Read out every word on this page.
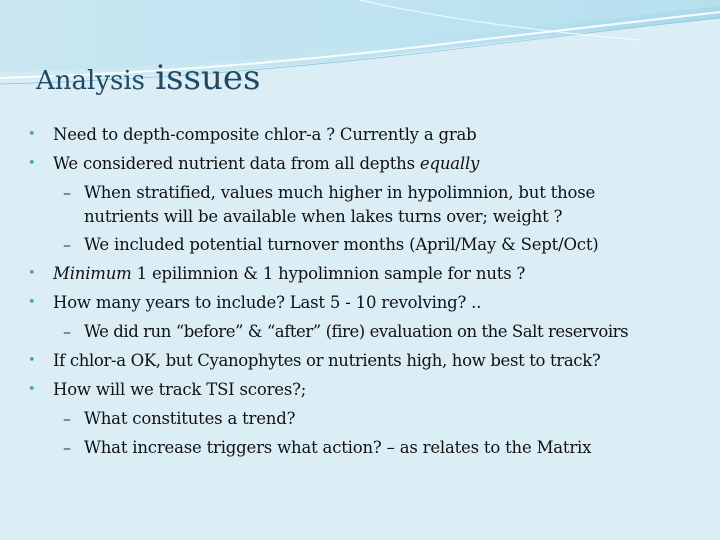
Analysis issues
• Need to depth-composite chlor-a ? Currently a grab
• We considered nutrient data from all depths equally
– When stratified, values much higher in hypolimnion, but those
nutrients will be available when lakes turns over; weight ?
– We included potential turnover months (April/May & Sept/Oct)
• Minimum 1 epilimnion & 1 hypolimnion sample for nuts ?
• How many years to include? Last 5 - 10 revolving? ..
– We did run “before” & “after” (fire) evaluation on the Salt reservoirs
• If chlor-a OK, but Cyanophytes or nutrients high, how best to track?
• How will we track TSI scores?;
– What constitutes a trend?
– What increase triggers what action? – as relates to the Matrix
